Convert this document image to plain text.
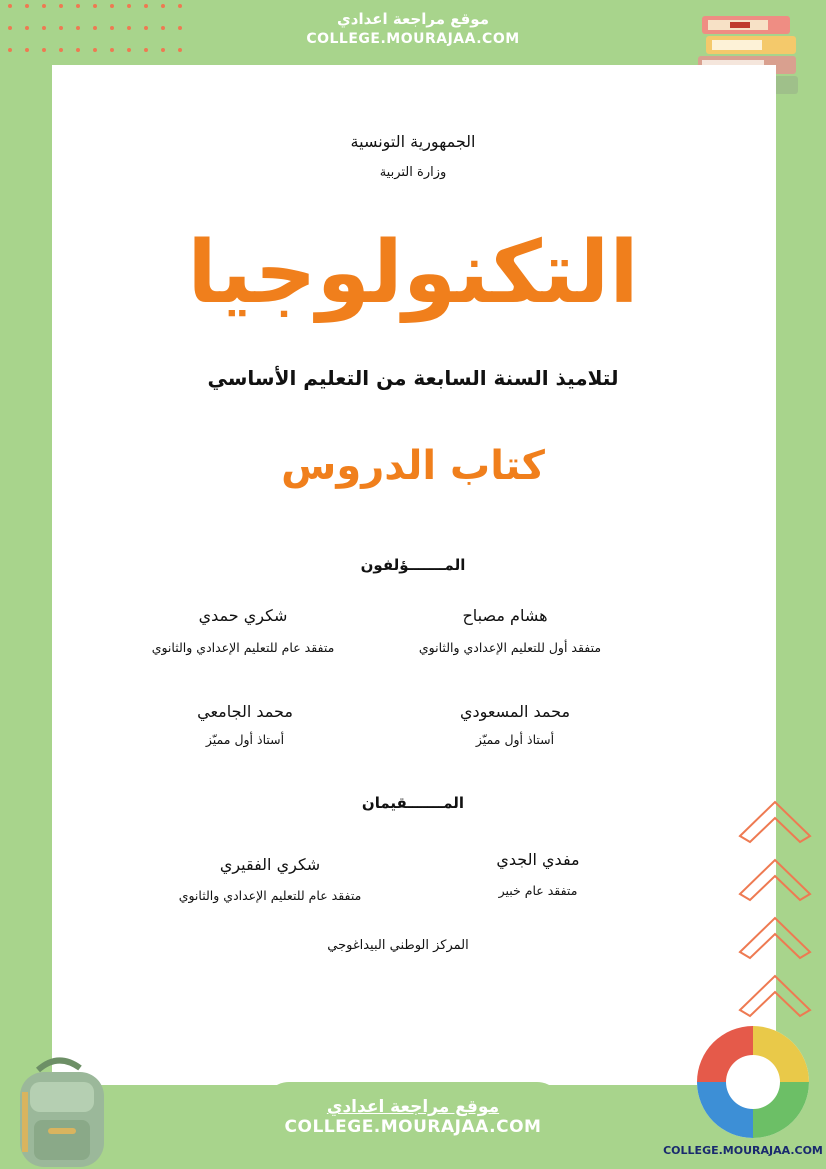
موقع مراجعة اعدادي
COLLEGE.MOURAJAA.COM
الجمهورية التونسية
وزارة التربية
التكنولوجيا
لتلاميذ السنة السابعة من التعليم الأساسي
كتاب الدروس
المـــــــؤلفون
هشام مصباح
متفقد أول للتعليم الإعدادي والثانوي
شكري حمدي
متفقد عام للتعليم الإعدادي والثانوي
محمد المسعودي
أستاذ أول مميّز
محمد الجامعي
أستاذ أول مميّز
المـــــــقيمان
مفدي الجدي
متفقد عام خبير
شكري الفقيري
متفقد عام للتعليم الإعدادي والثانوي
المركز الوطني البيداغوجي
موقع مراجعة اعدادي
COLLEGE.MOURAJAA.COM
COLLEGE.MOURAJAA.COM
